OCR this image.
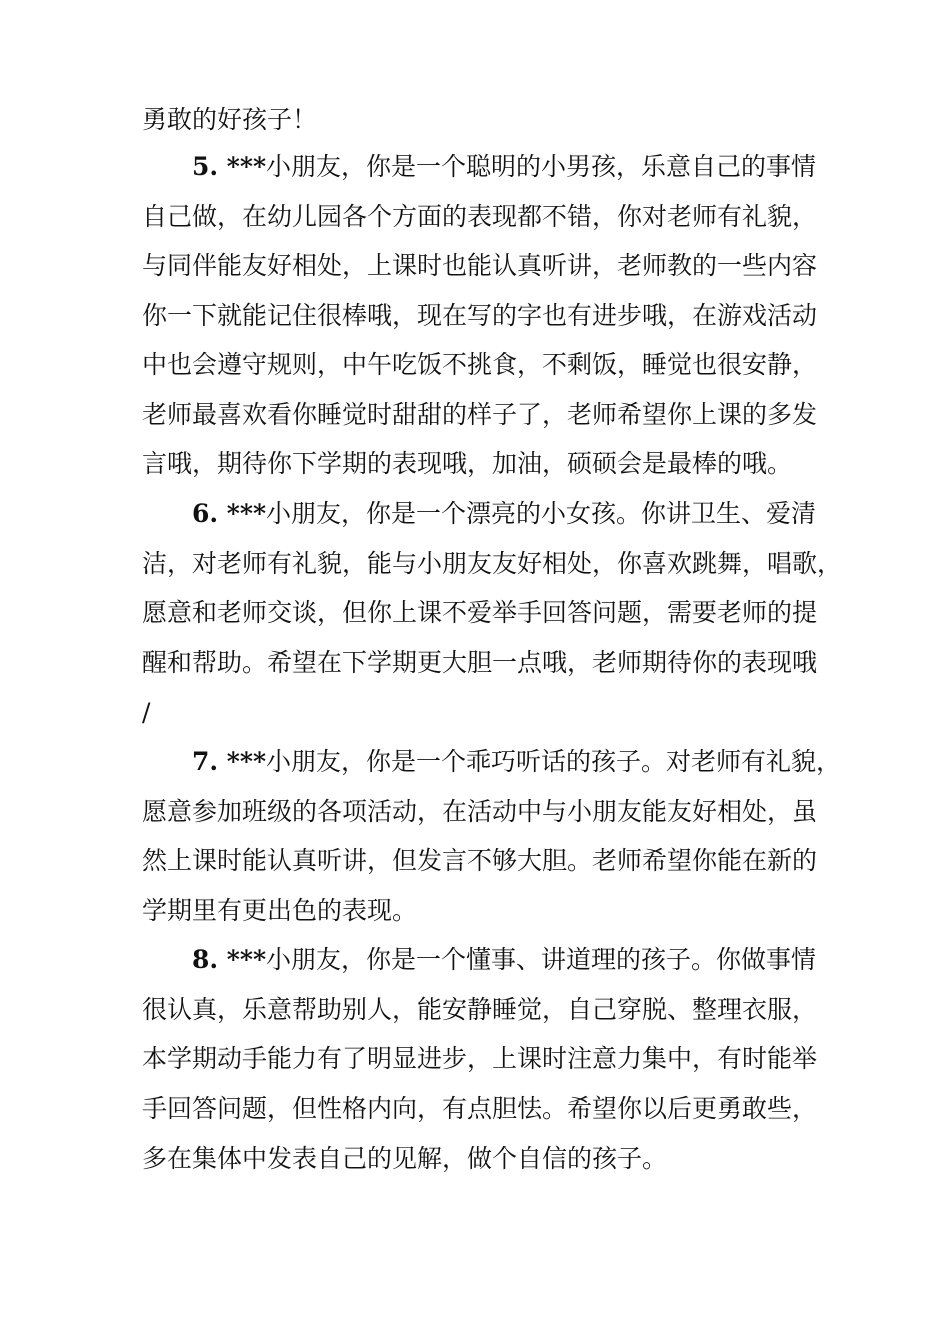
勇敢的好孩子！
5. ***小朋友，你是一个聪明的小男孩，乐意自己的事情
自己做，在幼儿园各个方面的表现都不错，你对老师有礼貌，
与同伴能友好相处，上课时也能认真听讲，老师教的一些内容
你一下就能记住很棒哦，现在写的字也有进步哦，在游戏活动
中也会遵守规则，中午吃饭不挑食，不剩饭，睡觉也很安静，
老师最喜欢看你睡觉时甜甜的样子了，老师希望你上课的多发
言哦，期待你下学期的表现哦，加油，硕硕会是最棒的哦。
6. ***小朋友，你是一个漂亮的小女孩。你讲卫生、爱清
洁，对老师有礼貌，能与小朋友友好相处，你喜欢跳舞，唱歌，
愿意和老师交谈，但你上课不爱举手回答问题，需要老师的提
醒和帮助。希望在下学期更大胆一点哦，老师期待你的表现哦
/
7. ***小朋友，你是一个乖巧听话的孩子。对老师有礼貌，
愿意参加班级的各项活动，在活动中与小朋友能友好相处，虽
然上课时能认真听讲，但发言不够大胆。老师希望你能在新的
学期里有更出色的表现。
8. ***小朋友，你是一个懂事、讲道理的孩子。你做事情
很认真，乐意帮助别人，能安静睡觉，自己穿脱、整理衣服，
本学期动手能力有了明显进步，上课时注意力集中，有时能举
手回答问题，但性格内向，有点胆怯。希望你以后更勇敢些，
多在集体中发表自己的见解，做个自信的孩子。
